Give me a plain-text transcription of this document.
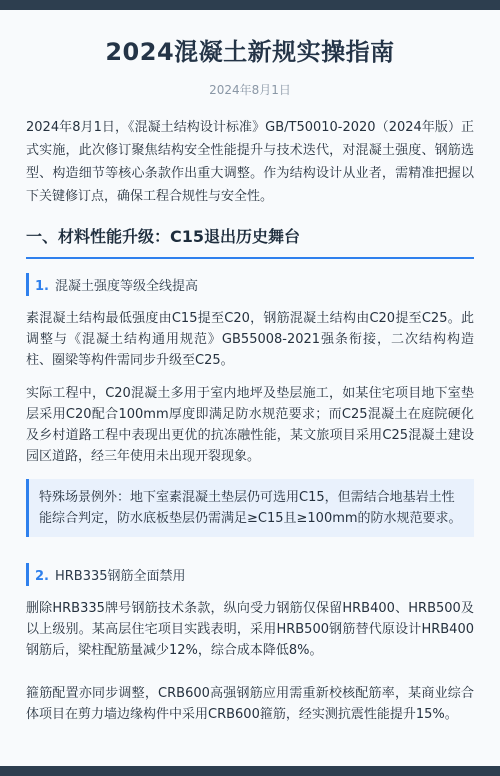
2024混凝土新规实操指南
2024年8月1日
2024年8月1日，《混凝土结构设计标准》GB/T50010-2020（2024年版）正式实施，此次修订聚焦结构安全性能提升与技术迭代，对混凝土强度、钢筋选型、构造细节等核心条款作出重大调整。作为结构设计从业者，需精准把握以下关键修订点，确保工程合规性与安全性。
一、材料性能升级：C15退出历史舞台
1. 混凝土强度等级全线提高
素混凝土结构最低强度由C15提至C20，钢筋混凝土结构由C20提至C25。此调整与《混凝土结构通用规范》GB55008-2021强条衔接，二次结构构造柱、圈梁等构件需同步升级至C25。
实际工程中，C20混凝土多用于室内地坪及垫层施工，如某住宅项目地下室垫层采用C20配合100mm厚度即满足防水规范要求；而C25混凝土在庭院硬化及乡村道路工程中表现出更优的抗冻融性能，某文旅项目采用C25混凝土建设园区道路，经三年使用未出现开裂现象。
特殊场景例外：地下室素混凝土垫层仍可选用C15，但需结合地基岩土性能综合判定，防水底板垫层仍需满足≥C15且≥100mm的防水规范要求。
2. HRB335钢筋全面禁用
删除HRB335牌号钢筋技术条款，纵向受力钢筋仅保留HRB400、HRB500及以上级别。某高层住宅项目实践表明，采用HRB500钢筋替代原设计HRB400钢筋后，梁柱配筋量减少12%，综合成本降低8%。
箍筋配置亦同步调整，CRB600高强钢筋应用需重新校核配筋率，某商业综合体项目在剪力墙边缘构件中采用CRB600箍筋，经实测抗震性能提升15%。
